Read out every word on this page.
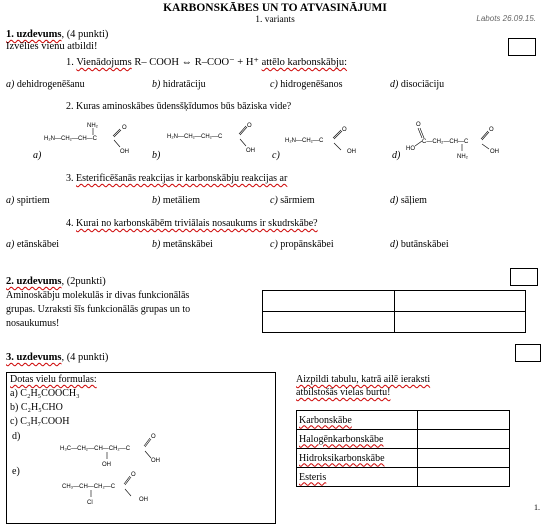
KARBONSKĀBES UN TO ATVASINĀJUMI
1. variants	Labots 26.09.15.
1. uzdevums, (4 punkti)
Izvēlies vienu atbildi!
1. Vienādojums R– COOH ⇔ R–COO⁻ + H⁺ attēlo karbonskābju:
a) dehidrogenēšanu	b) hidratāciju	c) hidrogenēšanos	d) disociāciju
2. Kuras aminoskābes ūdensšķīdumos būs bāziska vide?
a)
NH₂
H₂N—CH₂—CH—C
O
OH b)
H₂N—CH₂—CH₂—C
O
OH c)
H₂N—CH₂—C
O
OH	d)
HO
O
C—CH₂—CH—C
O
OH
NH₂
3. Esterificēšanās reakcijas ir karbonskābju reakcijas ar
a) spirtiem	b) metāliem	c) sārmiem	d) sāļiem
4. Kurai no karbonskābēm triviālais nosaukums ir skudrskābe?
a) etānskābei	b) metānskābei	c) propānskābei	d) butānskābei
2. uzdevums, (2punkti)
Aminoskābju molekulās ir divas funkcionālās
grupas. Uzraksti šīs funkcionālās grupas un to
nosaukumus!

3. uzdevums, (4 punkti)
Dotas vielu formulas:
a) C₂H₅COOCH₃
b) C₂H₅CHO
c) C₃H₇COOH
d)
e)
H₃C—CH₂—CH—CH₂—C
O
OH
OH
CH₃—CH—CH₂—C
O
OH
Cl
Aizpildi tabulu, katrā ailē ieraksti
atbilstošās vielas burtu!
Karbonskābe	
Halogēnkarbonskābe	
Hidroksikarbonskābe	
Esteris	
1.
